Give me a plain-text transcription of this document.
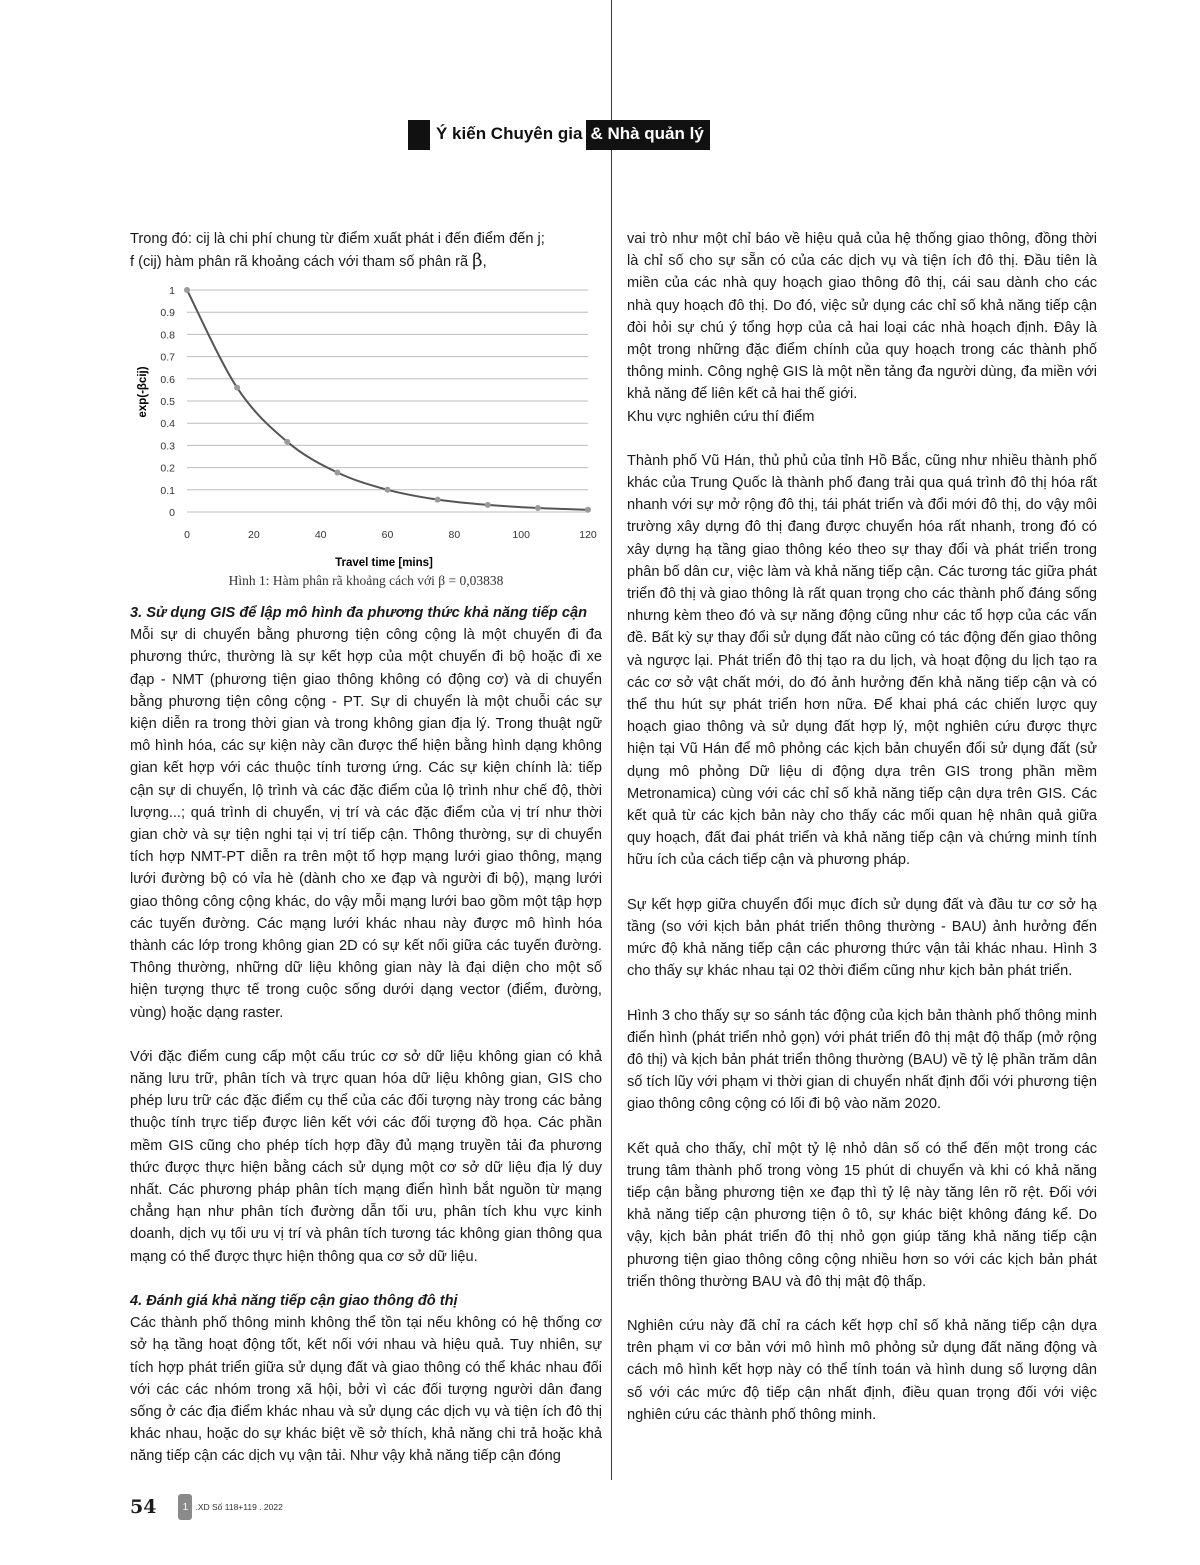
Ý kiến Chuyên gia & Nhà quản lý

Trong đó: cij là chi phí chung từ điểm xuất phát i đến điểm đến j;

f (cij) hàm phân rã khoảng cách với tham số phân rã β,

0
0.1
0.2
0.3
0.4
0.5
0.6
0.7
0.8
0.9
1
0	20	40	60	80	100	120
Travel time [mins]
exp(-βcij)
Hình 1: Hàm phân rã khoảng cách với β = 0,03838

3. Sử dụng GIS để lập mô hình đa phương thức khả năng tiếp cận

Mỗi sự di chuyển bằng phương tiện công cộng là một chuyến đi đa phương thức, thường là sự kết hợp của một chuyến đi bộ hoặc đi xe đạp - NMT (phương tiện giao thông không có động cơ) và di chuyển bằng phương tiện công cộng - PT. Sự di chuyển là một chuỗi các sự kiện diễn ra trong thời gian và trong không gian địa lý. Trong thuật ngữ mô hình hóa, các sự kiện này cần được thể hiện bằng hình dạng không gian kết hợp với các thuộc tính tương ứng. Các sự kiện chính là: tiếp cận sự di chuyển, lộ trình và các đặc điểm của lộ trình như chế độ, thời lượng...; quá trình di chuyển, vị trí và các đặc điểm của vị trí như thời gian chờ và sự tiện nghi tại vị trí tiếp cận. Thông thường, sự di chuyển tích hợp NMT-PT diễn ra trên một tổ hợp mạng lưới giao thông, mạng lưới đường bộ có vỉa hè (dành cho xe đạp và người đi bộ), mạng lưới giao thông công cộng khác, do vậy mỗi mạng lưới bao gồm một tập hợp các tuyến đường. Các mạng lưới khác nhau này được mô hình hóa thành các lớp trong không gian 2D có sự kết nối giữa các tuyến đường. Thông thường, những dữ liệu không gian này là đại diện cho một số hiện tượng thực tế trong cuộc sống dưới dạng vector (điểm, đường, vùng) hoặc dạng raster.

Với đặc điểm cung cấp một cấu trúc cơ sở dữ liệu không gian có khả năng lưu trữ, phân tích và trực quan hóa dữ liệu không gian, GIS cho phép lưu trữ các đặc điểm cụ thể của các đối tượng này trong các bảng thuộc tính trực tiếp được liên kết với các đối tượng đồ họa. Các phần mềm GIS cũng cho phép tích hợp đầy đủ mạng truyền tải đa phương thức được thực hiện bằng cách sử dụng một cơ sở dữ liệu địa lý duy nhất. Các phương pháp phân tích mạng điển hình bắt nguồn từ mạng chẳng hạn như phân tích đường dẫn tối ưu, phân tích khu vực kinh doanh, dịch vụ tối ưu vị trí và phân tích tương tác không gian thông qua mạng có thể được thực hiện thông qua cơ sở dữ liệu.

4. Đánh giá khả năng tiếp cận giao thông đô thị

Các thành phố thông minh không thể tồn tại nếu không có hệ thống cơ sở hạ tầng hoạt động tốt, kết nối với nhau và hiệu quả. Tuy nhiên, sự tích hợp phát triển giữa sử dụng đất và giao thông có thể khác nhau đối với các các nhóm trong xã hội, bởi vì các đối tượng người dân đang sống ở các địa điểm khác nhau và sử dụng các dịch vụ và tiện ích đô thị khác nhau, hoặc do sự khác biệt về sở thích, khả năng chi trả hoặc khả năng tiếp cận các dịch vụ vận tải. Như vậy khả năng tiếp cận đóng

vai trò như một chỉ báo về hiệu quả của hệ thống giao thông, đồng thời là chỉ số cho sự sẵn có của các dịch vụ và tiện ích đô thị. Đầu tiên là miền của các nhà quy hoạch giao thông đô thị, cái sau dành cho các nhà quy hoạch đô thị. Do đó, việc sử dụng các chỉ số khả năng tiếp cận đòi hỏi sự chú ý tổng hợp của cả hai loại các nhà hoạch định. Đây là một trong những đặc điểm chính của quy hoạch trong các thành phố thông minh. Công nghệ GIS là một nền tảng đa người dùng, đa miền với khả năng để liên kết cả hai thế giới.

Khu vực nghiên cứu thí điểm

Thành phố Vũ Hán, thủ phủ của tỉnh Hồ Bắc, cũng như nhiều thành phố khác của Trung Quốc là thành phố đang trải qua quá trình đô thị hóa rất nhanh với sự mở rộng đô thị, tái phát triển và đổi mới đô thị, do vậy môi trường xây dựng đô thị đang được chuyển hóa rất nhanh, trong đó có xây dựng hạ tầng giao thông kéo theo sự thay đổi và phát triển trong phân bố dân cư, việc làm và khả năng tiếp cận. Các tương tác giữa phát triển đô thị và giao thông là rất quan trọng cho các thành phố đáng sống nhưng kèm theo đó và sự năng động cũng như các tổ hợp của các vấn đề. Bất kỳ sự thay đổi sử dụng đất nào cũng có tác động đến giao thông và ngược lại. Phát triển đô thị tạo ra du lịch, và hoạt động du lịch tạo ra các cơ sở vật chất mới, do đó ảnh hưởng đến khả năng tiếp cận và có thể thu hút sự phát triển hơn nữa. Để khai phá các chiến lược quy hoạch giao thông và sử dụng đất hợp lý, một nghiên cứu được thực hiện tại Vũ Hán để mô phỏng các kịch bản chuyển đổi sử dụng đất (sử dụng mô phỏng Dữ liệu di động dựa trên GIS trong phần mềm Metronamica) cùng với các chỉ số khả năng tiếp cận dựa trên GIS. Các kết quả từ các kịch bản này cho thấy các mối quan hệ nhân quả giữa quy hoạch, đất đai phát triển và khả năng tiếp cận và chứng minh tính hữu ích của cách tiếp cận và phương pháp.

Sự kết hợp giữa chuyển đổi mục đích sử dụng đất và đầu tư cơ sở hạ tầng (so với kịch bản phát triển thông thường - BAU) ảnh hưởng đến mức độ khả năng tiếp cận các phương thức vận tải khác nhau. Hình 3 cho thấy sự khác nhau tại 02 thời điểm cũng như kịch bản phát triển.

Hình 3 cho thấy sự so sánh tác động của kịch bản thành phố thông minh điển hình (phát triển nhỏ gọn) với phát triển đô thị mật độ thấp (mở rộng đô thị) và kịch bản phát triển thông thường (BAU) về tỷ lệ phần trăm dân số tích lũy với phạm vi thời gian di chuyển nhất định đối với phương tiện giao thông công cộng có lối đi bộ vào năm 2020.

Kết quả cho thấy, chỉ một tỷ lệ nhỏ dân số có thể đến một trong các trung tâm thành phố trong vòng 15 phút di chuyển và khi có khả năng tiếp cận bằng phương tiện xe đạp thì tỷ lệ này tăng lên rõ rệt. Đối với khả năng tiếp cận phương tiện ô tô, sự khác biệt không đáng kể. Do vậy, kịch bản phát triển đô thị nhỏ gọn giúp tăng khả năng tiếp cận phương tiện giao thông công cộng nhiều hơn so với các kịch bản phát triển thông thường BAU và đô thị mật độ thấp.

Nghiên cứu này đã chỉ ra cách kết hợp chỉ số khả năng tiếp cận dựa trên phạm vi cơ bản với mô hình mô phỏng sử dụng đất năng động và cách mô hình kết hợp này có thể tính toán và hình dung số lượng dân số với các mức độ tiếp cận nhất định, điều quan trọng đối với việc nghiên cứu các thành phố thông minh.

54	1 .XD Số 118+119 . 2022
